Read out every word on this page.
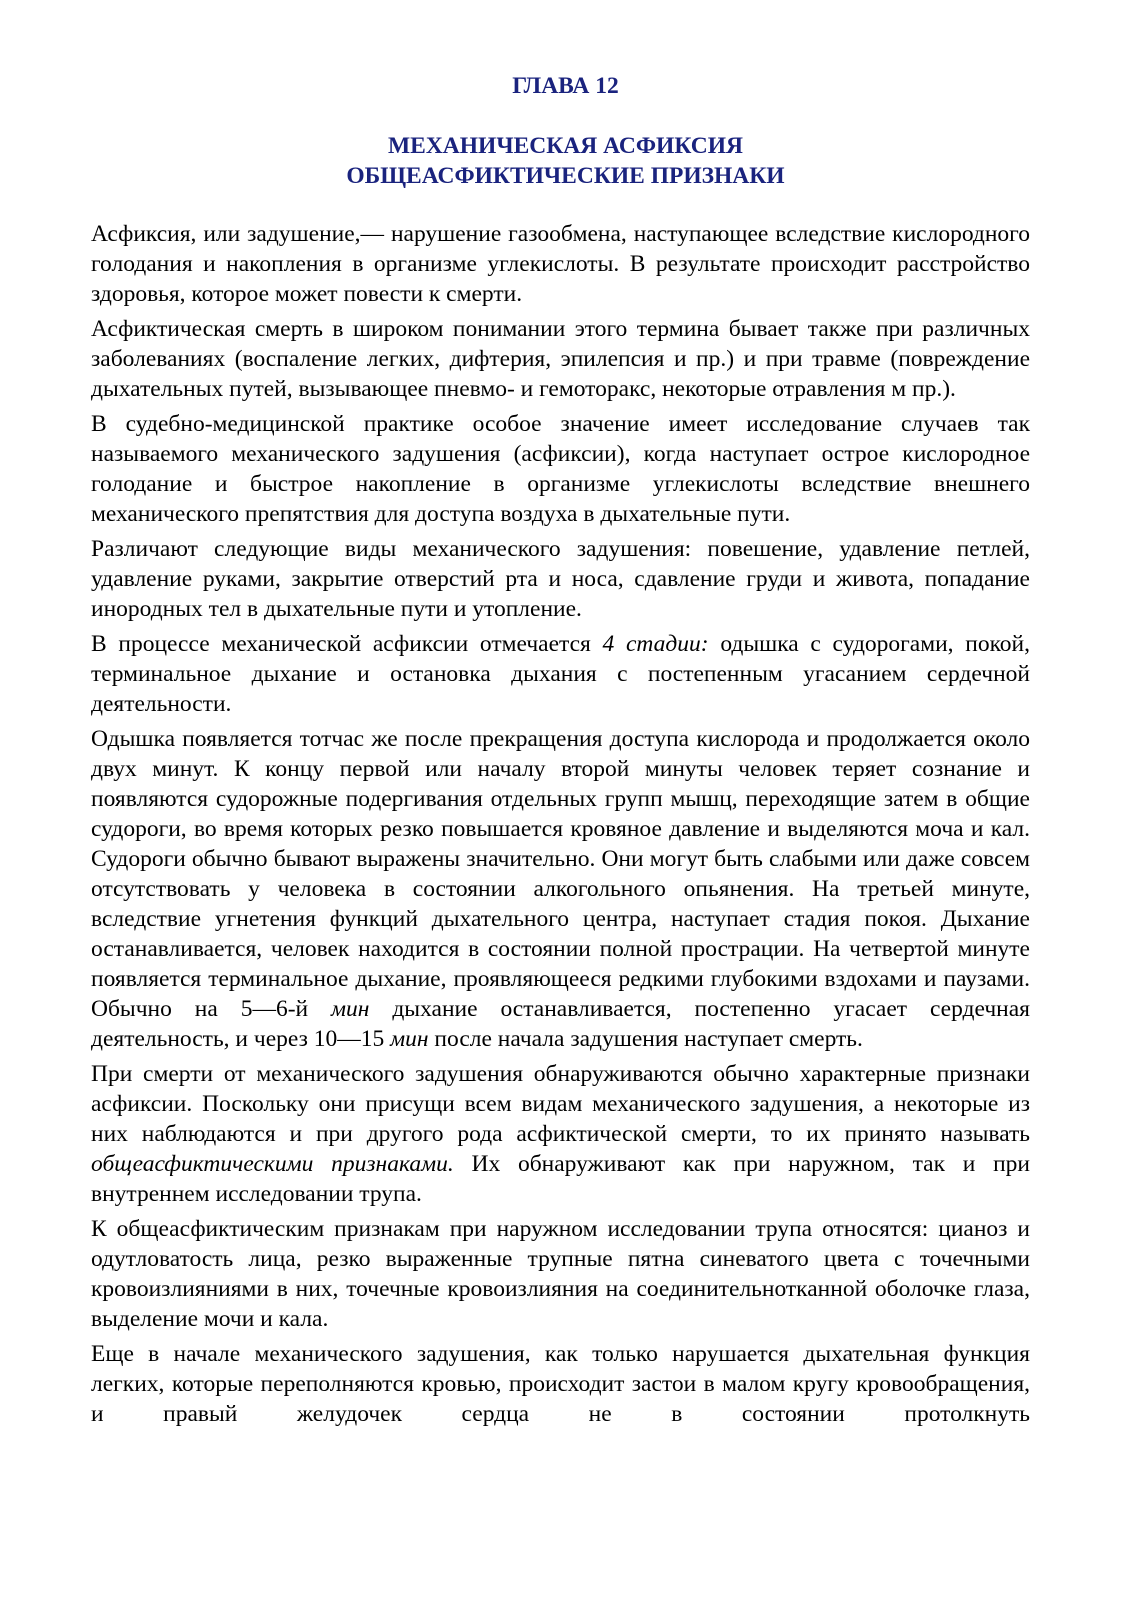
ГЛАВА 12
МЕХАНИЧЕСКАЯ АСФИКСИЯ
ОБЩЕАСФИКТИЧЕСКИЕ ПРИЗНАКИ

Асфиксия, или задушение,— нарушение газообмена, наступающее вследствие кислородного голодания и накопления в организме углекислоты. В результате происходит расстройство здоровья, которое может повести к смерти.

Асфиктическая смерть в широком понимании этого термина бывает также при различных заболеваниях (воспаление легких, дифтерия, эпилепсия и пр.) и при травме (повреждение дыхательных путей, вызывающее пневмо- и гемоторакс, некоторые отравления м пр.).

В судебно-медицинской практике особое значение имеет исследование случаев так называемого механического задушения (асфиксии), когда наступает острое кислородное голодание и быстрое накопление в организме углекислоты вследствие внешнего механического препятствия для доступа воздуха в дыхательные пути.

Различают следующие виды механического задушения: повешение, удавление петлей, удавление руками, закрытие отверстий рта и носа, сдавление груди и живота, попадание инородных тел в дыхательные пути и утопление.

В процессе механической асфиксии отмечается 4 стадии: одышка с судорогами, покой, терминальное дыхание и остановка дыхания с постепенным угасанием сердечной деятельности.

Одышка появляется тотчас же после прекращения доступа кислорода и продолжается около двух минут. К концу первой или началу второй минуты человек теряет сознание и появляются судорожные подергивания отдельных групп мышц, переходящие затем в общие судороги, во время которых резко повышается кровяное давление и выделяются моча и кал. Судороги обычно бывают выражены значительно. Они могут быть слабыми или даже совсем отсутствовать у человека в состоянии алкогольного опьянения. На третьей минуте, вследствие угнетения функций дыхательного центра, наступает стадия покоя. Дыхание останавливается, человек находится в состоянии полной прострации. На четвертой минуте появляется терминальное дыхание, проявляющееся редкими глубокими вздохами и паузами. Обычно на 5—6-й мин дыхание останавливается, постепенно угасает сердечная деятельность, и через 10—15 мин после начала задушения наступает смерть.

При смерти от механического задушения обнаруживаются обычно характерные признаки асфиксии. Поскольку они присущи всем видам механического задушения, а некоторые из них наблюдаются и при другого рода асфиктической смерти, то их принято называть общеасфиктическими признаками. Их обнаруживают как при наружном, так и при внутреннем исследовании трупа.

К общеасфиктическим признакам при наружном исследовании трупа относятся: цианоз и одутловатость лица, резко выраженные трупные пятна синеватого цвета с точечными кровоизлияниями в них, точечные кровоизлияния на соединительнотканной оболочке глаза, выделение мочи и кала.

Еще в начале механического задушения, как только нарушается дыхательная функция легких, которые переполняются кровью, происходит застои в малом кругу кровообращения, и правый желудочек сердца не в состоянии протолкнуть
